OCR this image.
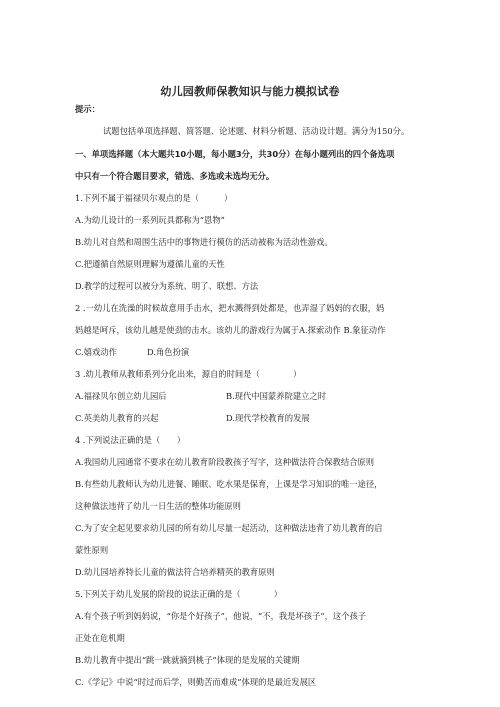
幼儿园教师保教知识与能力模拟试卷
提示：
试题包括单项选择题、简答题、论述题、材料分析题、活动设计题。满分为150分。
一、单项选择题（本大题共10小题，每小题3分，共30分）在每小题列出的四个备选项
中只有一个符合题目要求，错选、多选或未选均无分。
1.下列不属于福禄贝尔观点的是（　　　）
A.为幼儿设计的一系列玩具都称为“恩物”
B.幼儿对自然和周围生活中的事物进行模仿的活动被称为活动性游戏。
C.把遵循自然原则理解为遵循儿童的天性
D.教学的过程可以被分为系统、明了、联想、方法
2 .一幼儿在洗澡的时候故意用手击水，把水溅得到处都是，也弄湿了妈妈的衣服，妈
妈越是呵斥，该幼儿越是使劲的击水。该幼儿的游戏行为属于A.探索动作 B.象征动作
C.嬉戏动作	D.角色扮演
3 .幼儿教师从教师系列分化出来，源自的时间是（　　　　）
A.福禄贝尔创立幼儿园后	B.现代中国蒙养院建立之时
C.英美幼儿教育的兴起	D.现代学校教育的发展
4 .下列说法正确的是（　　）
A.我国幼儿园通常不要求在幼儿教育阶段教孩子写字，这种做法符合保教结合原则
B.有些幼儿教师认为幼儿进餐、睡眠、吃水果是保育，上课是学习知识的唯一途径，
这种做法违背了幼儿一日生活的整体功能原则
C.为了安全起见要求幼儿园的所有幼儿尽量一起活动，这种做法违背了幼儿教育的启
蒙性原则
D.幼儿园培养特长儿童的做法符合培养精英的教育原则
5.下列关于幼儿发展的阶段的说法正确的是（　　　　）
A.有个孩子听到妈妈说，“你是个好孩子”，他说，“不，我是坏孩子”，这个孩子
正处在危机期
B.幼儿教育中提出“跳一跳就摘到桃子”体现的是发展的关键期
C.《学记》中说“时过而后学，则勤苦而难成”体现的是最近发展区
